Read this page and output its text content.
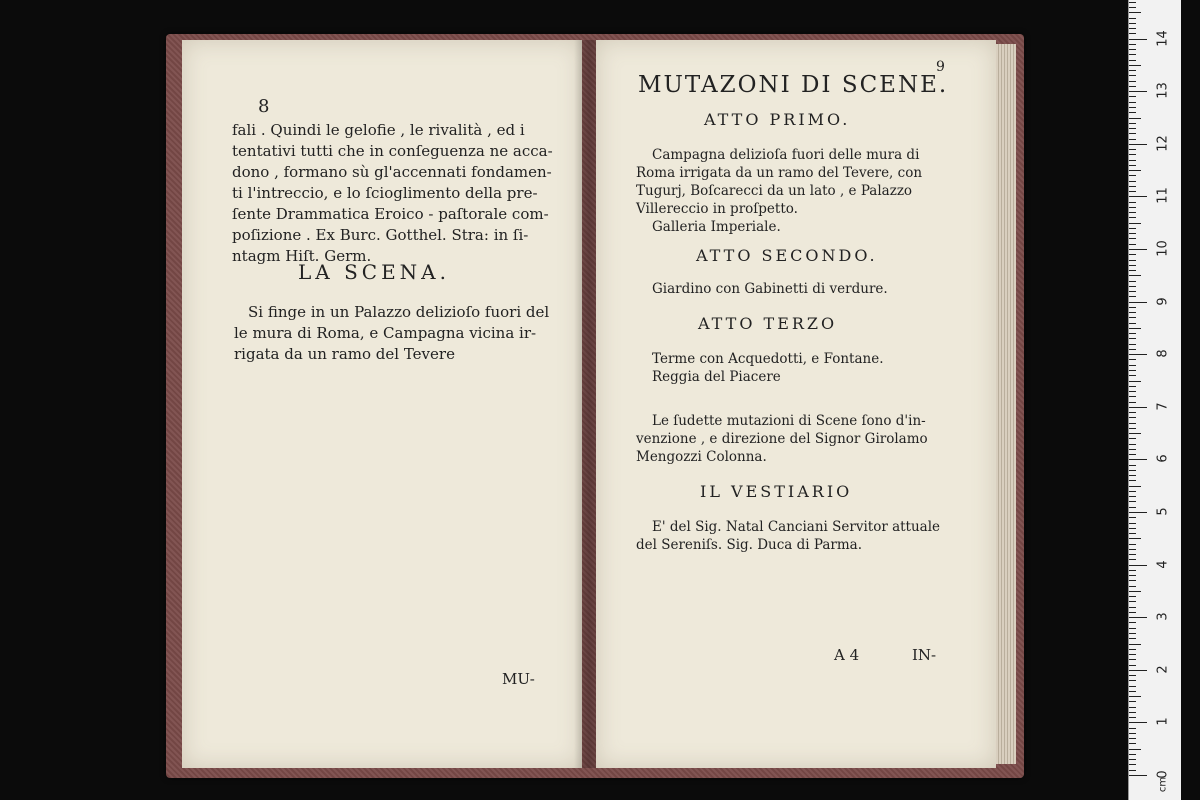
8
fali . Quindi le gelofie , le rivalità , ed i
tentativi tutti che in conſeguenza ne acca-
dono , formano sù gl'accennati fondamen-
ti l'intreccio, e lo ſcioglimento della pre-
ſente Drammatica Eroico - paſtorale com-
poſizione . Ex Burc. Gotthel. Stra: in ſi-
ntagm Hiſt. Germ.
LA SCENA.
Si finge in un Palazzo delizioſo fuori del
le mura di Roma, e Campagna vicina ir-
rigata da un ramo del Tevere
MU-
9
MUTAZONI DI SCENE.
ATTO PRIMO.
Campagna delizioſa fuori delle mura di
Roma irrigata da un ramo del Tevere, con
Tugurj, Boſcarecci da un lato , e Palazzo
Villereccio in proſpetto.
Galleria Imperiale.
ATTO SECONDO.
Giardino con Gabinetti di verdure.
ATTO TERZO
Terme con Acquedotti, e Fontane.
Reggia del Piacere
Le ſudette mutazioni di Scene ſono d'in-
venzione , e direzione del Signor Girolamo
Mengozzi Colonna.
IL VESTIARIO
E' del Sig. Natal Canciani Servitor attuale
del Sereniſs. Sig. Duca di Parma.
A 4	IN-
0
1
2
3
4
5
6
7
8
9
10
11
12
13
14
cm
